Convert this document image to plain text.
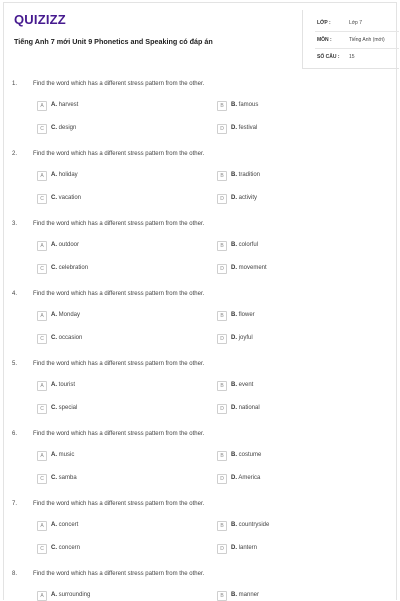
QUIZIZZ
Tiếng Anh 7 mới Unit 9 Phonetics and Speaking có đáp án
LỚP :	Lớp 7
MÔN :	Tiếng Anh (mới)
SỐ CÂU : 15
1.	Find the word which has a different stress pattern from the other.
A	A. harvest	B	B. famous
C	C. design	D	D. festival
2.	Find the word which has a different stress pattern from the other.
A	A. holiday	B	B. tradition
C	C. vacation	D	D. activity
3.	Find the word which has a different stress pattern from the other.
A	A. outdoor	B	B. colorful
C	C. celebration	D	D. movement
4.	Find the word which has a different stress pattern from the other.
A	A. Monday	B	B. flower
C	C. occasion	D	D. joyful
5.	Find the word which has a different stress pattern from the other.
A	A. tourist	B	B. event
C	C. special	D	D. national
6.	Find the word which has a different stress pattern from the other.
A	A. music	B	B. costume
C	C. samba	D	D. America
7.	Find the word which has a different stress pattern from the other.
A	A. concert	B	B. countryside
C	C. concern	D	D. lantern
8.	Find the word which has a different stress pattern from the other.
A	A. surrounding	B	B. manner
